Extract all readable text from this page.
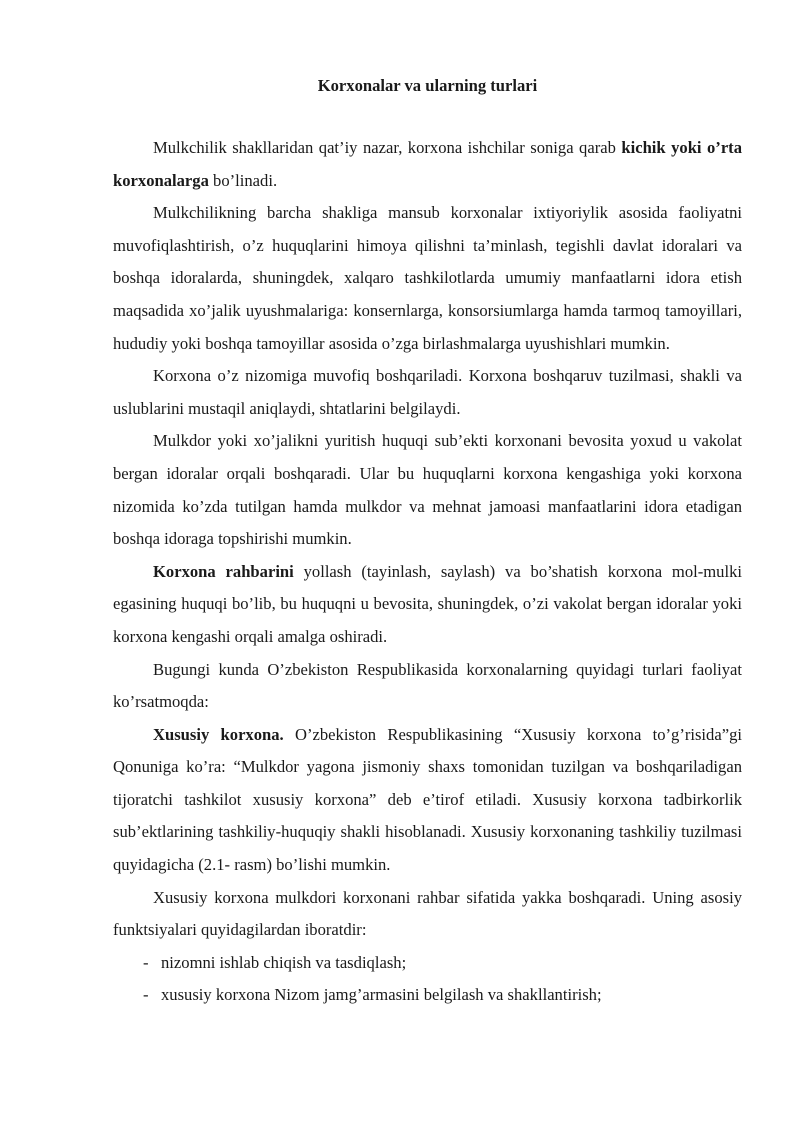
Korxonalar va ularning turlari

Mulkchilik shakllaridan qat’iy nazar, korxona ishchilar soniga qarab kichik yoki o’rta korxonalarga bo’linadi.

Mulkchilikning barcha shakliga mansub korxonalar ixtiyoriylik asosida faoliyatni muvofiqlashtirish, o’z huquqlarini himoya qilishni ta’minlash, tegishli davlat idoralari va boshqa idoralarda, shuningdek, xalqaro tashkilotlarda umumiy manfaatlarni idora etish maqsadida xo’jalik uyushmalariga: konsernlarga, konsorsiumlarga hamda tarmoq tamoyillari, hududiy yoki boshqa tamoyillar asosida o’zga birlashmalarga uyushishlari mumkin.

Korxona o’z nizomiga muvofiq boshqariladi. Korxona boshqaruv tuzilmasi, shakli va uslublarini mustaqil aniqlaydi, shtatlarini belgilaydi.

Mulkdor yoki xo’jalikni yuritish huquqi sub’ekti korxonani bevosita yoxud u vakolat bergan idoralar orqali boshqaradi. Ular bu huquqlarni korxona kengashiga yoki korxona nizomida ko’zda tutilgan hamda mulkdor va mehnat jamoasi manfaatlarini idora etadigan boshqa idoraga topshirishi mumkin.

Korxona rahbarini yollash (tayinlash, saylash) va bo’shatish korxona mol-mulki egasining huquqi bo’lib, bu huquqni u bevosita, shuningdek, o’zi vakolat bergan idoralar yoki korxona kengashi orqali amalga oshiradi.

Bugungi kunda O’zbekiston Respublikasida korxonalarning quyidagi turlari faoliyat ko’rsatmoqda:

Xususiy korxona. O’zbekiston Respublikasining “Xususiy korxona to’g’risida”gi Qonuniga ko’ra: “Mulkdor yagona jismoniy shaxs tomonidan tuzilgan va boshqariladigan tijoratchi tashkilot xususiy korxona” deb e’tirof etiladi. Xususiy korxona tadbirkorlik sub’ektlarining tashkiliy-huquqiy shakli hisoblanadi. Xususiy korxonaning tashkiliy tuzilmasi quyidagicha (2.1- rasm) bo’lishi mumkin.

Xususiy korxona mulkdori korxonani rahbar sifatida yakka boshqaradi. Uning asosiy funktsiyalari quyidagilardan iboratdir:

- nizomni ishlab chiqish va tasdiqlash;
- xususiy korxona Nizom jamg’armasini belgilash va shakllantirish;
